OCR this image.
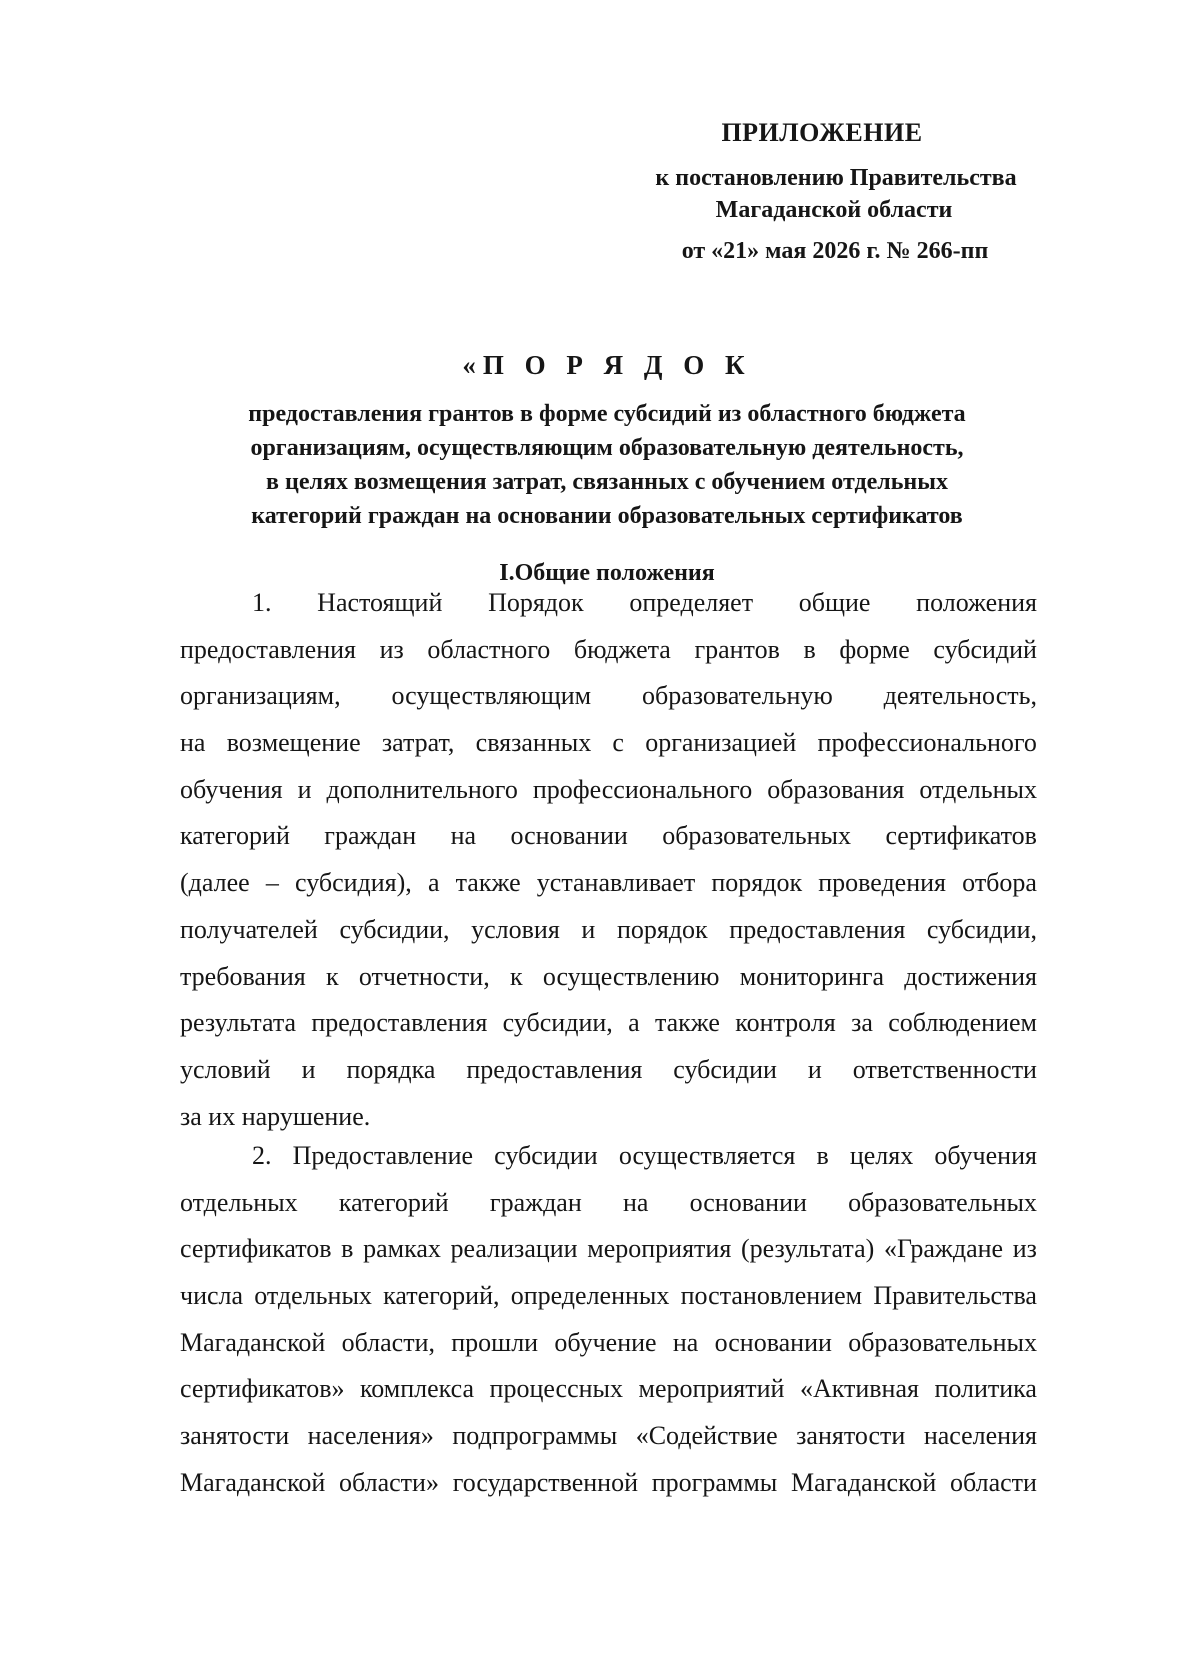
ПРИЛОЖЕНИЕ
к постановлению Правительства
Магаданской области
от «21» мая 2026 г. № 266-пп
«П О Р Я Д О К
предоставления грантов в форме субсидий из областного бюджета
организациям, осуществляющим образовательную деятельность,
в целях возмещения затрат, связанных с обучением отдельных
категорий граждан на основании образовательных сертификатов
I.Общие положения
1. Настоящий Порядок определяет общие положения
предоставления из областного бюджета грантов в форме субсидий
организациям, осуществляющим образовательную деятельность,
на возмещение затрат, связанных с организацией профессионального
обучения и дополнительного профессионального образования отдельных
категорий граждан на основании образовательных сертификатов
(далее – субсидия), а также устанавливает порядок проведения отбора
получателей субсидии, условия и порядок предоставления субсидии,
требования к отчетности, к осуществлению мониторинга достижения
результата предоставления субсидии, а также контроля за соблюдением
условий и порядка предоставления субсидии и ответственности
за их нарушение.
2. Предоставление субсидии осуществляется в целях обучения
отдельных категорий граждан на основании образовательных
сертификатов в рамках реализации мероприятия (результата) «Граждане из
числа отдельных категорий, определенных постановлением Правительства
Магаданской области, прошли обучение на основании образовательных
сертификатов» комплекса процессных мероприятий «Активная политика
занятости населения» подпрограммы «Содействие занятости населения
Магаданской области» государственной программы Магаданской области
